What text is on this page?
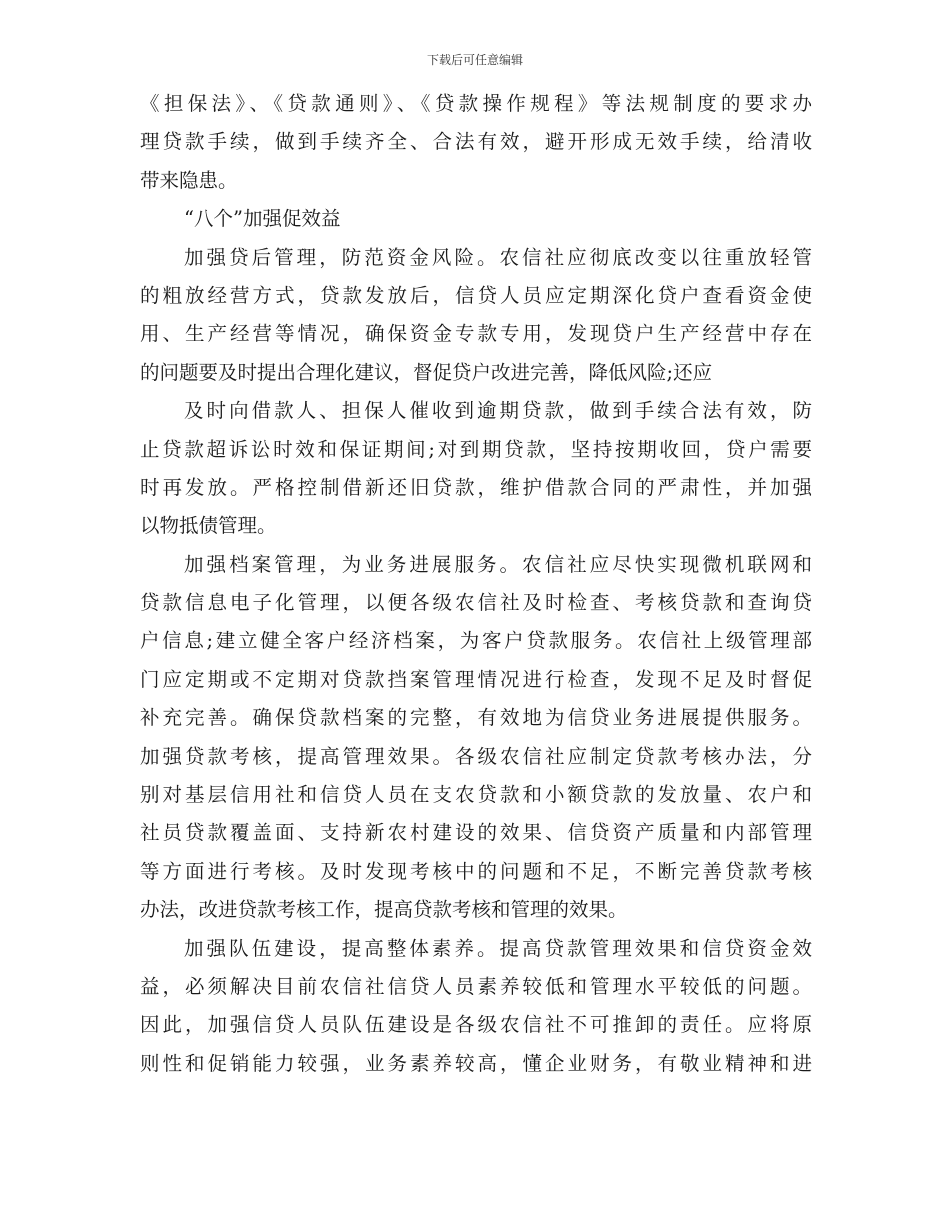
下载后可任意编辑
《担保法》、《贷款通则》、《贷款操作规程》等法规制度的要求办
理贷款手续，做到手续齐全、合法有效，避开形成无效手续，给清收
带来隐患。
“八个”加强促效益
加强贷后管理，防范资金风险。农信社应彻底改变以往重放轻管
的粗放经营方式，贷款发放后，信贷人员应定期深化贷户查看资金使
用、生产经营等情况，确保资金专款专用，发现贷户生产经营中存在
的问题要及时提出合理化建议，督促贷户改进完善，降低风险;还应
及时向借款人、担保人催收到逾期贷款，做到手续合法有效，防
止贷款超诉讼时效和保证期间;对到期贷款，坚持按期收回，贷户需要
时再发放。严格控制借新还旧贷款，维护借款合同的严肃性，并加强
以物抵债管理。
加强档案管理，为业务进展服务。农信社应尽快实现微机联网和
贷款信息电子化管理，以便各级农信社及时检查、考核贷款和查询贷
户信息;建立健全客户经济档案，为客户贷款服务。农信社上级管理部
门应定期或不定期对贷款挡案管理情况进行检查，发现不足及时督促
补充完善。确保贷款档案的完整，有效地为信贷业务进展提供服务。
加强贷款考核，提高管理效果。各级农信社应制定贷款考核办法，分
别对基层信用社和信贷人员在支农贷款和小额贷款的发放量、农户和
社员贷款覆盖面、支持新农村建设的效果、信贷资产质量和内部管理
等方面进行考核。及时发现考核中的问题和不足，不断完善贷款考核
办法，改进贷款考核工作，提高贷款考核和管理的效果。
加强队伍建设，提高整体素养。提高贷款管理效果和信贷资金效
益，必须解决目前农信社信贷人员素养较低和管理水平较低的问题。
因此，加强信贷人员队伍建设是各级农信社不可推卸的责任。应将原
则性和促销能力较强，业务素养较高，懂企业财务，有敬业精神和进
